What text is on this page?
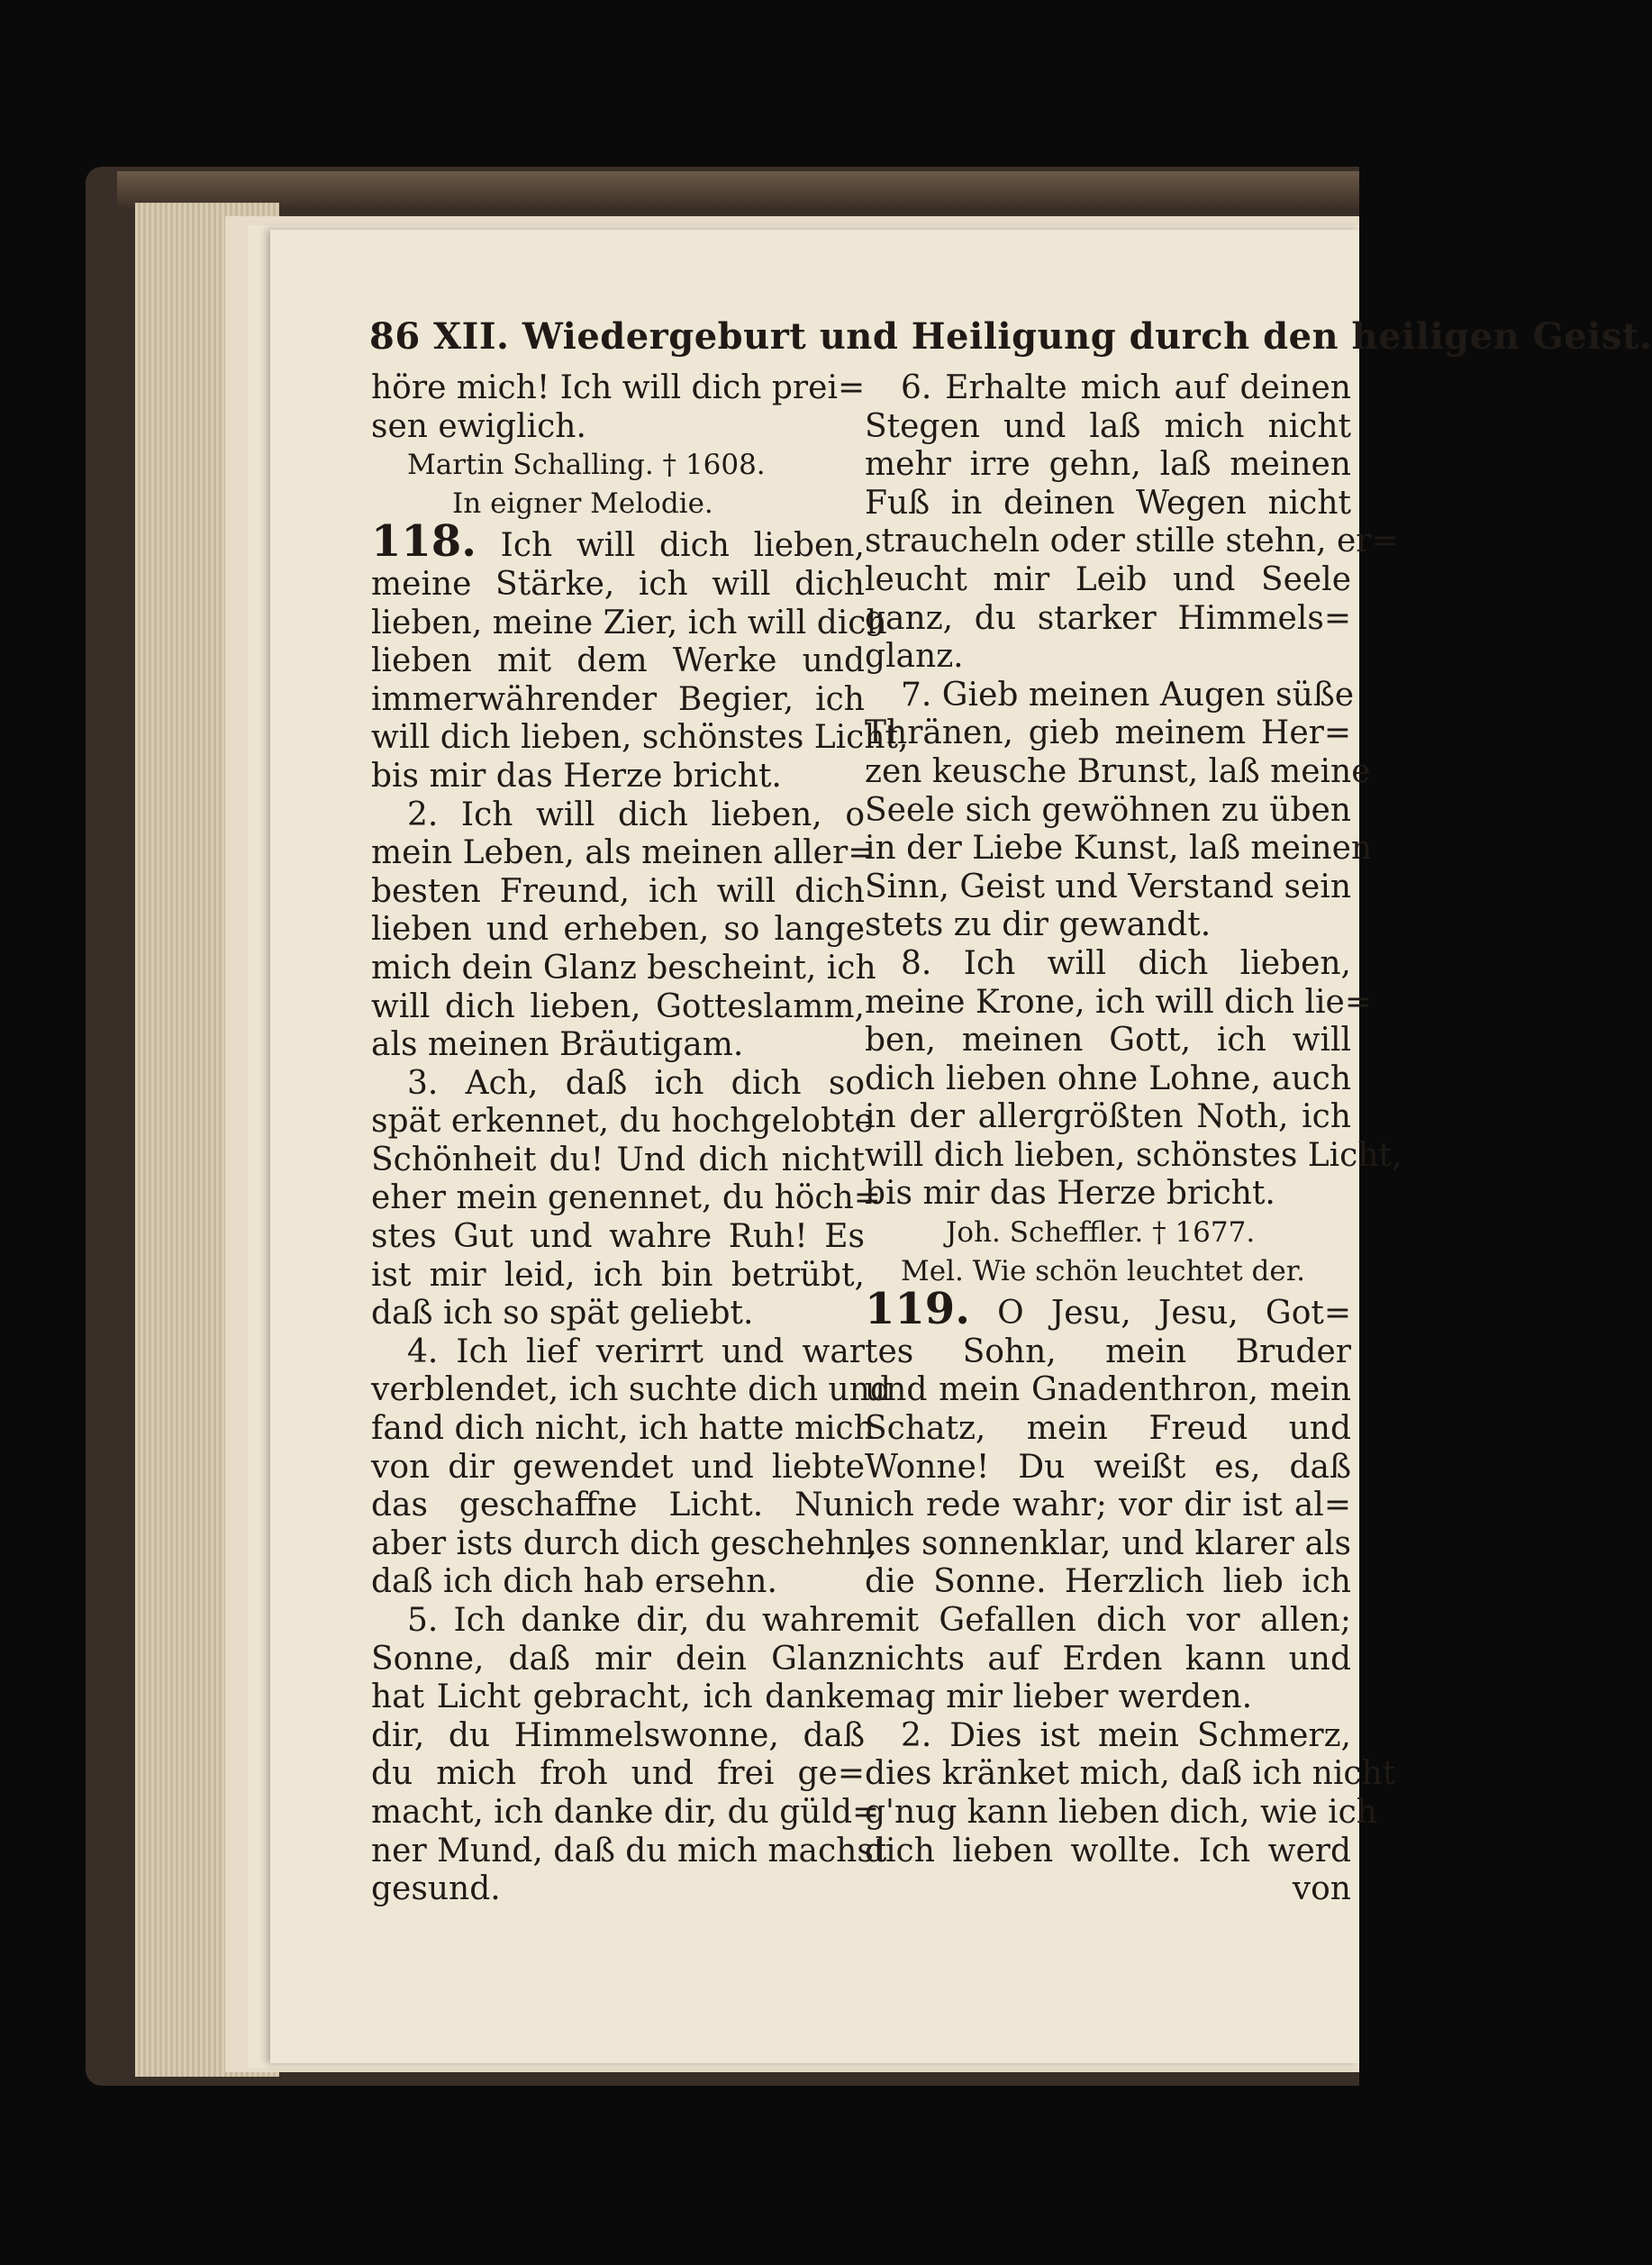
86 XII. Wiedergeburt und Heiligung durch den heiligen Geist.
höre mich! Ich will dich prei=
sen ewiglich.
Martin Schalling. † 1608.
In eigner Melodie.
118. Ich will dich lieben,
meine Stärke, ich will dich
lieben, meine Zier, ich will dich
lieben mit dem Werke und
immerwährender Begier, ich
will dich lieben, schönstes Licht,
bis mir das Herze bricht.
2. Ich will dich lieben, o
mein Leben, als meinen aller=
besten Freund, ich will dich
lieben und erheben, so lange
mich dein Glanz bescheint, ich
will dich lieben, Gotteslamm,
als meinen Bräutigam.
3. Ach, daß ich dich so
spät erkennet, du hochgelobte
Schönheit du! Und dich nicht
eher mein genennet, du höch=
stes Gut und wahre Ruh! Es
ist mir leid, ich bin betrübt,
daß ich so spät geliebt.
4. Ich lief verirrt und war
verblendet, ich suchte dich und
fand dich nicht, ich hatte mich
von dir gewendet und liebte
das geschaffne Licht. Nun
aber ists durch dich geschehn,
daß ich dich hab ersehn.
5. Ich danke dir, du wahre
Sonne, daß mir dein Glanz
hat Licht gebracht, ich danke
dir, du Himmelswonne, daß
du mich froh und frei ge=
macht, ich danke dir, du güld=
ner Mund, daß du mich machst
gesund.
6. Erhalte mich auf deinen
Stegen und laß mich nicht
mehr irre gehn, laß meinen
Fuß in deinen Wegen nicht
straucheln oder stille stehn, er=
leucht mir Leib und Seele
ganz, du starker Himmels=
glanz.
7. Gieb meinen Augen süße
Thränen, gieb meinem Her=
zen keusche Brunst, laß meine
Seele sich gewöhnen zu üben
in der Liebe Kunst, laß meinen
Sinn, Geist und Verstand sein
stets zu dir gewandt.
8. Ich will dich lieben,
meine Krone, ich will dich lie=
ben, meinen Gott, ich will
dich lieben ohne Lohne, auch
in der allergrößten Noth, ich
will dich lieben, schönstes Licht,
bis mir das Herze bricht.
Joh. Scheffler. † 1677.
Mel. Wie schön leuchtet der.
119. O Jesu, Jesu, Got=
tes Sohn, mein Bruder
und mein Gnadenthron, mein
Schatz, mein Freud und
Wonne! Du weißt es, daß
ich rede wahr; vor dir ist al=
les sonnenklar, und klarer als
die Sonne. Herzlich lieb ich
mit Gefallen dich vor allen;
nichts auf Erden kann und
mag mir lieber werden.
2. Dies ist mein Schmerz,
dies kränket mich, daß ich nicht
g'nug kann lieben dich, wie ich
dich lieben wollte. Ich werd
von
